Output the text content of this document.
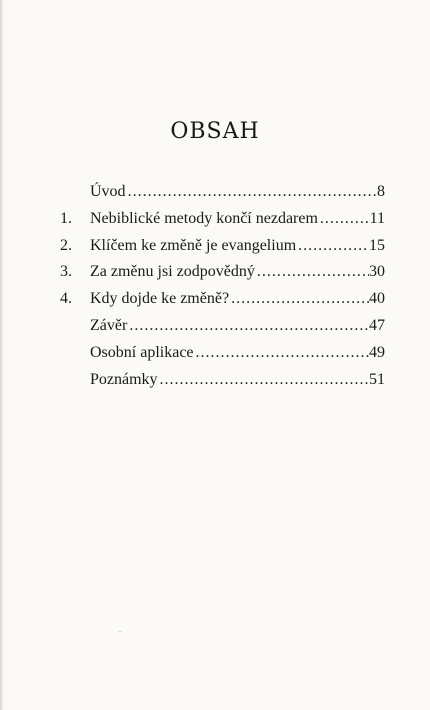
OBSAH
Úvod .....	8
1.	Nebiblické metody končí nezdarem .....	11
2.	Klíčem ke změně je evangelium .....	15
3.	Za změnu jsi zodpovědný .....	30
4.	Kdy dojde ke změně? .....	40
Závěr .....	47
Osobní aplikace .....	49
Poznámky .....	51
⁻
